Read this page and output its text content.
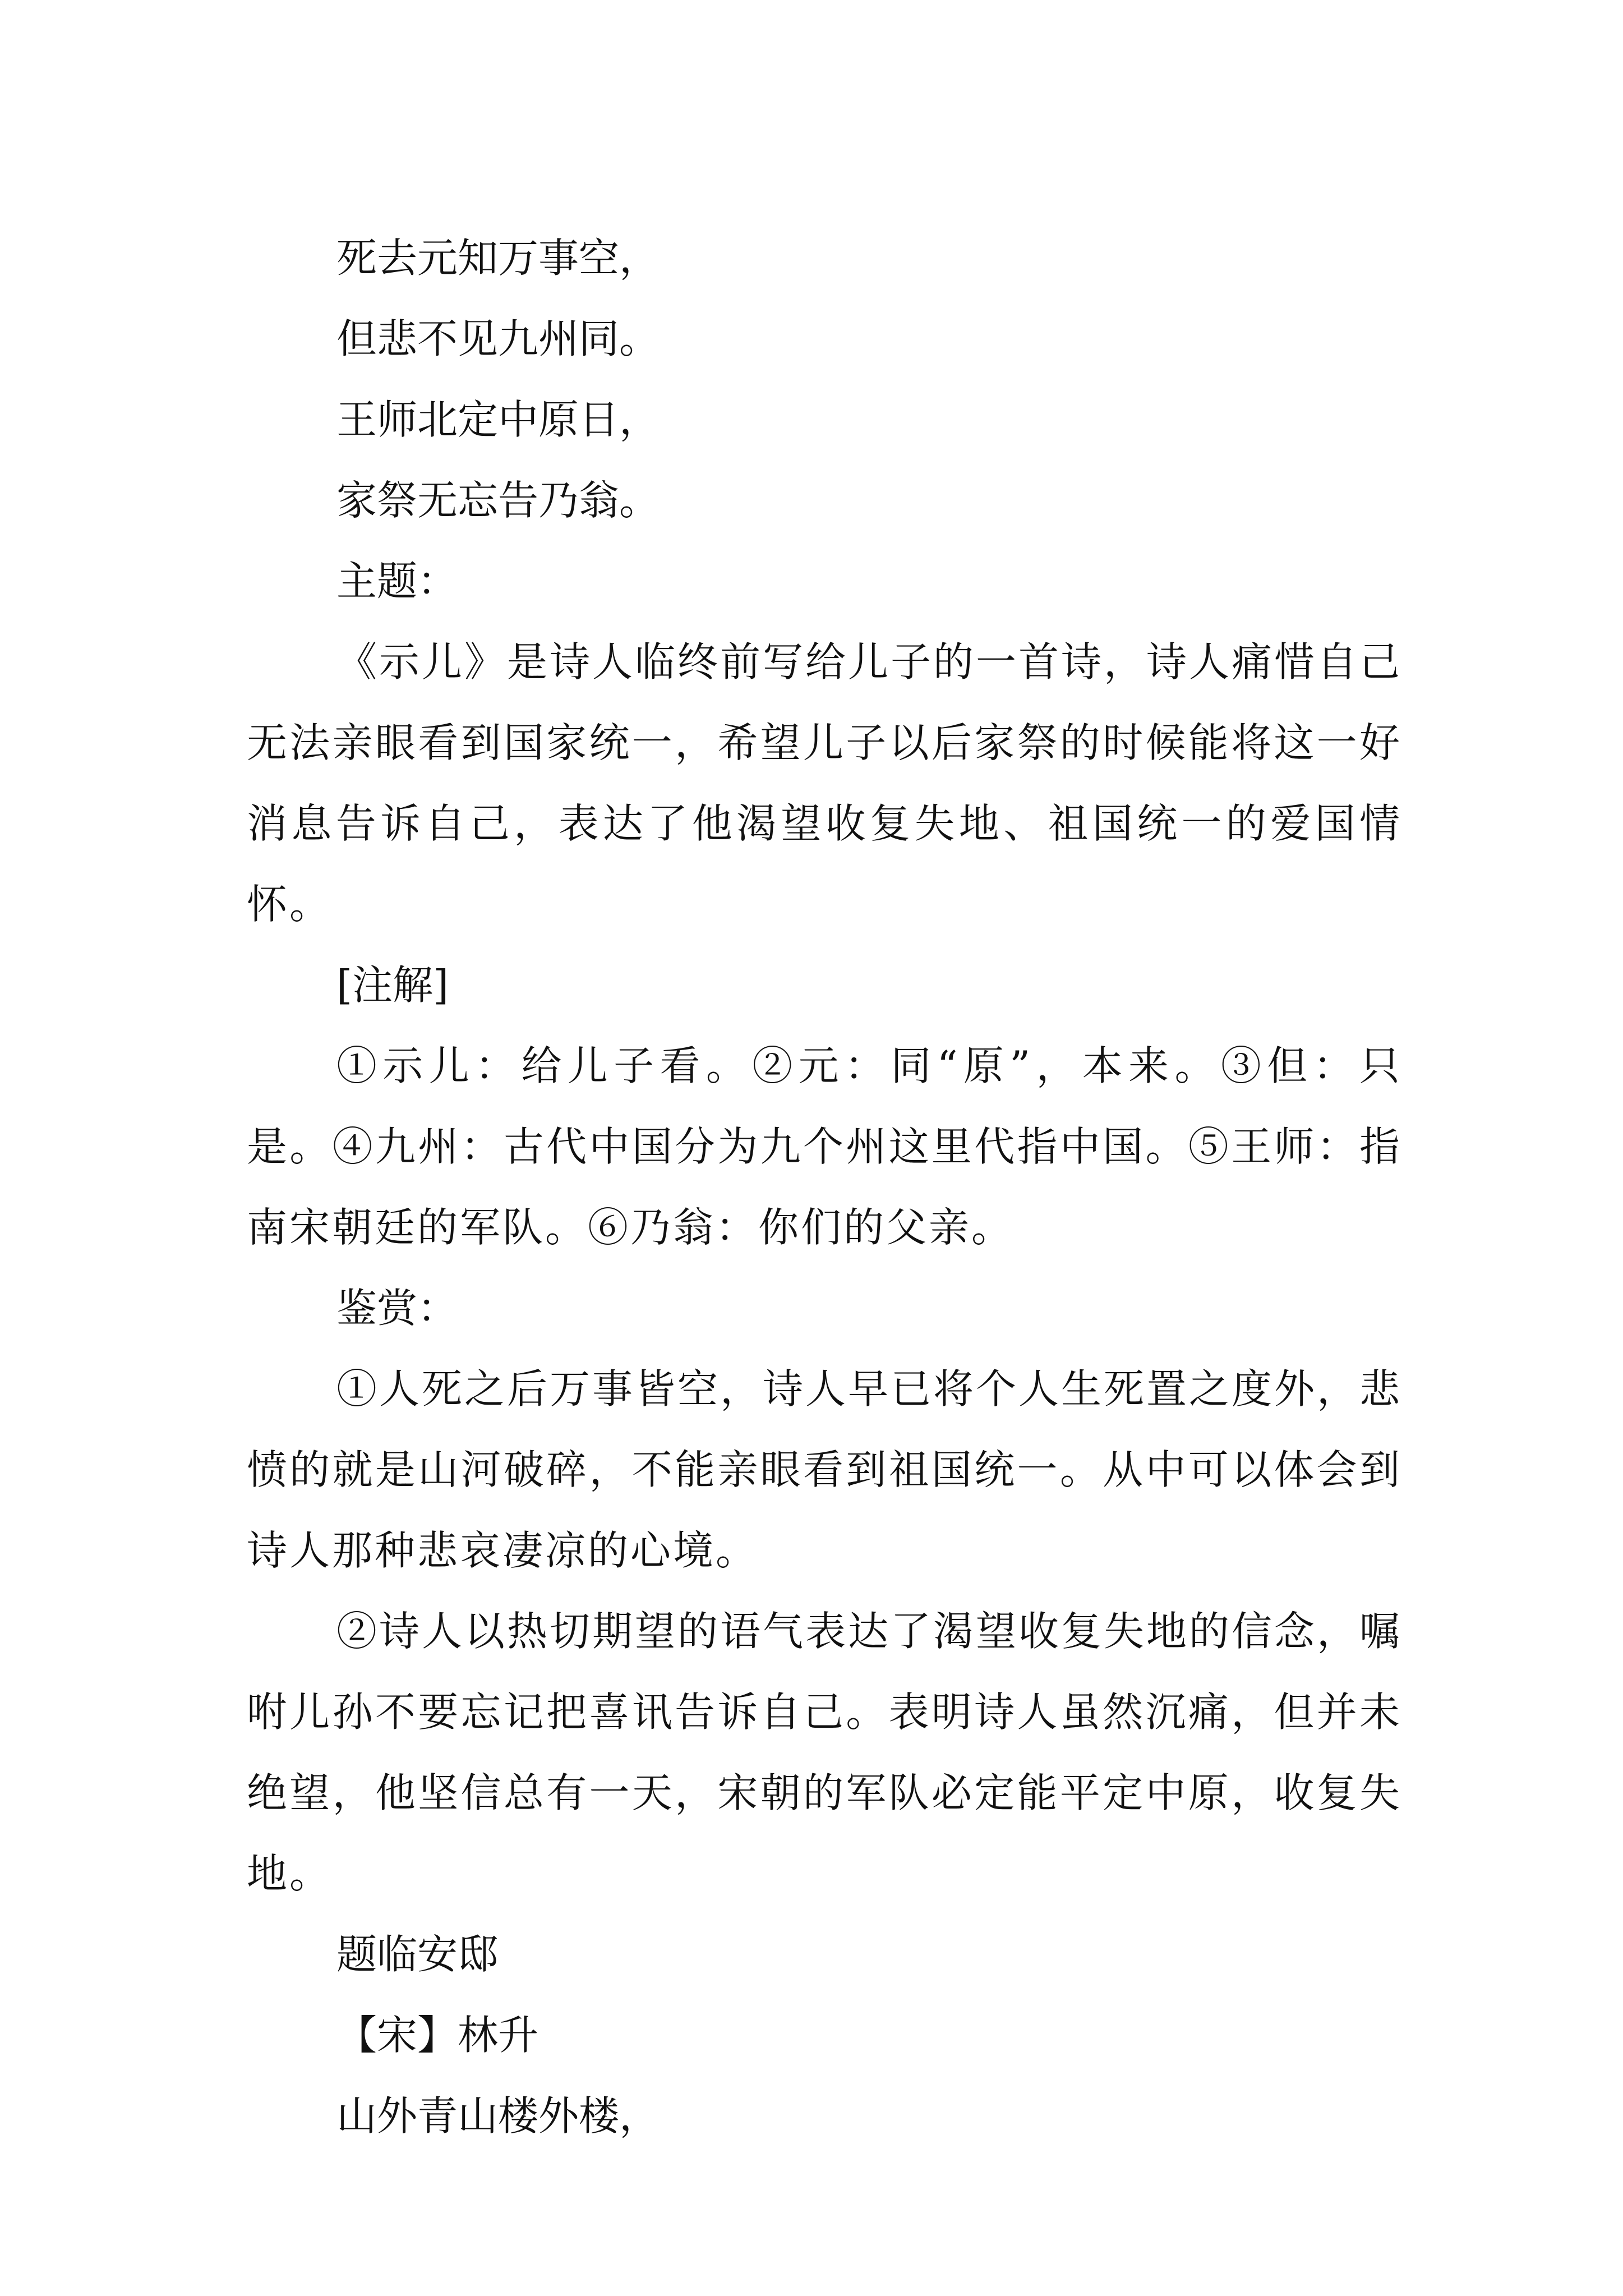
死去元知万事空，

但悲不见九州同。

王师北定中原日，

家祭无忘告乃翁。

主题：

《示儿》是诗人临终前写给儿子的一首诗，诗人痛惜自己无法亲眼看到国家统一，希望儿子以后家祭的时候能将这一好消息告诉自己，表达了他渴望收复失地、祖国统一的爱国情怀。

[注解]

①示儿：给儿子看。②元：同“原”，本来。③但：只是。④九州：古代中国分为九个州这里代指中国。⑤王师：指南宋朝廷的军队。⑥乃翁：你们的父亲。

鉴赏：

①人死之后万事皆空，诗人早已将个人生死置之度外，悲愤的就是山河破碎，不能亲眼看到祖国统一。从中可以体会到诗人那种悲哀凄凉的心境。

②诗人以热切期望的语气表达了渴望收复失地的信念，嘱咐儿孙不要忘记把喜讯告诉自己。表明诗人虽然沉痛，但并未绝望，他坚信总有一天，宋朝的军队必定能平定中原，收复失地。

题临安邸

【宋】林升

山外青山楼外楼，
